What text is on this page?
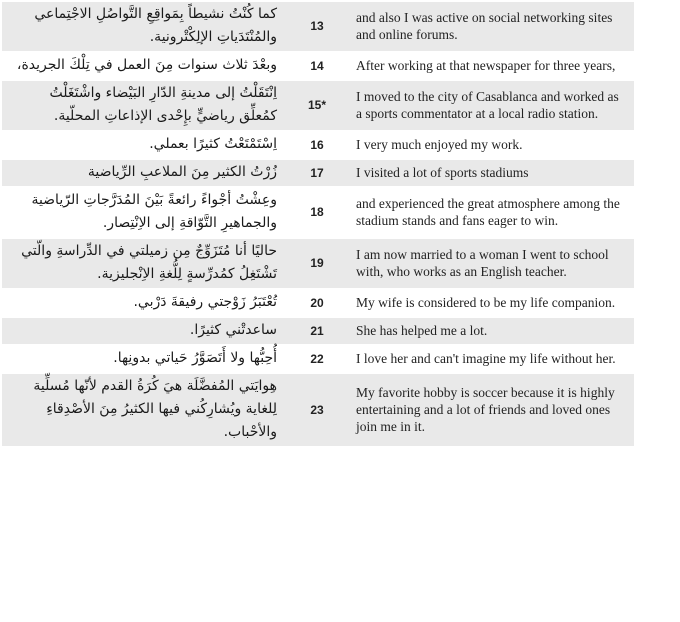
كما كُنْتُ نشيطاً بِمَواقِعِ التَّواصُلِ الاجْتِماعي والمُنْتَدَياتِ الإلِكْتْرونية.	13	and also I was active on social networking sites and online forums.
وبعْدَ ثلاث سنوات مِنَ العمل في تِلْكَ الجريدة،	14	After working at that newspaper for three years,
اِنْتَقَلْتُ إلى مدينةِ الدّارِ البَيْضاء واشْتَغَلْتُ كمُعلِّق رياضيٍّ بإِحْدى الإذاعاتِ المحلّية.	15*	I moved to the city of Casablanca and worked as a sports commentator at a local radio station.
اِسْتَمْتَعْتُ كثيرًا بعملي.	16	I very much enjoyed my work.
زُرْتُ الكثير مِنَ الملاعبِ الرِّياضية	17	I visited a lot of sports stadiums
وعِشْتُ أجْواءً رائعةً بَيْنَ المُدَرَّجاتِ الرّياضية والجماهيرِ التَّوّاقةِ إلى الاِنْتِصار.	18	and experienced the great atmosphere among the stadium stands and fans eager to win.
حاليًا أنا مُتَزَوِّجٌ مِن زميلتي في الدِّراسةِ والّتي تَشْتَغِلُ كمُدرِّسةٍ لِلُّغةِ الاِنْجليزية.	19	I am now married to a woman I went to school with, who works as an English teacher.
تُعْتَبَرُ زَوْجتي رفيقةَ دَرْبي.	20	My wife is considered to be my life companion.
ساعدتْني كثيرًا.	21	She has helped me a lot.
أُحِبُّها ولا أَتَصَوَّرُ حَياتي بدونِها.	22	I love her and can't imagine my life without her.
هِوايَتي المُفضَّلَة هيَ كُرَةُ القدم لأنّها مُسلِّية لِلغاية ويُشارِكُني فيها الكثيرُ مِنَ الأصْدِقاءِ والأحْباب.	23	My favorite hobby is soccer because it is highly entertaining and a lot of friends and loved ones join me in it.
